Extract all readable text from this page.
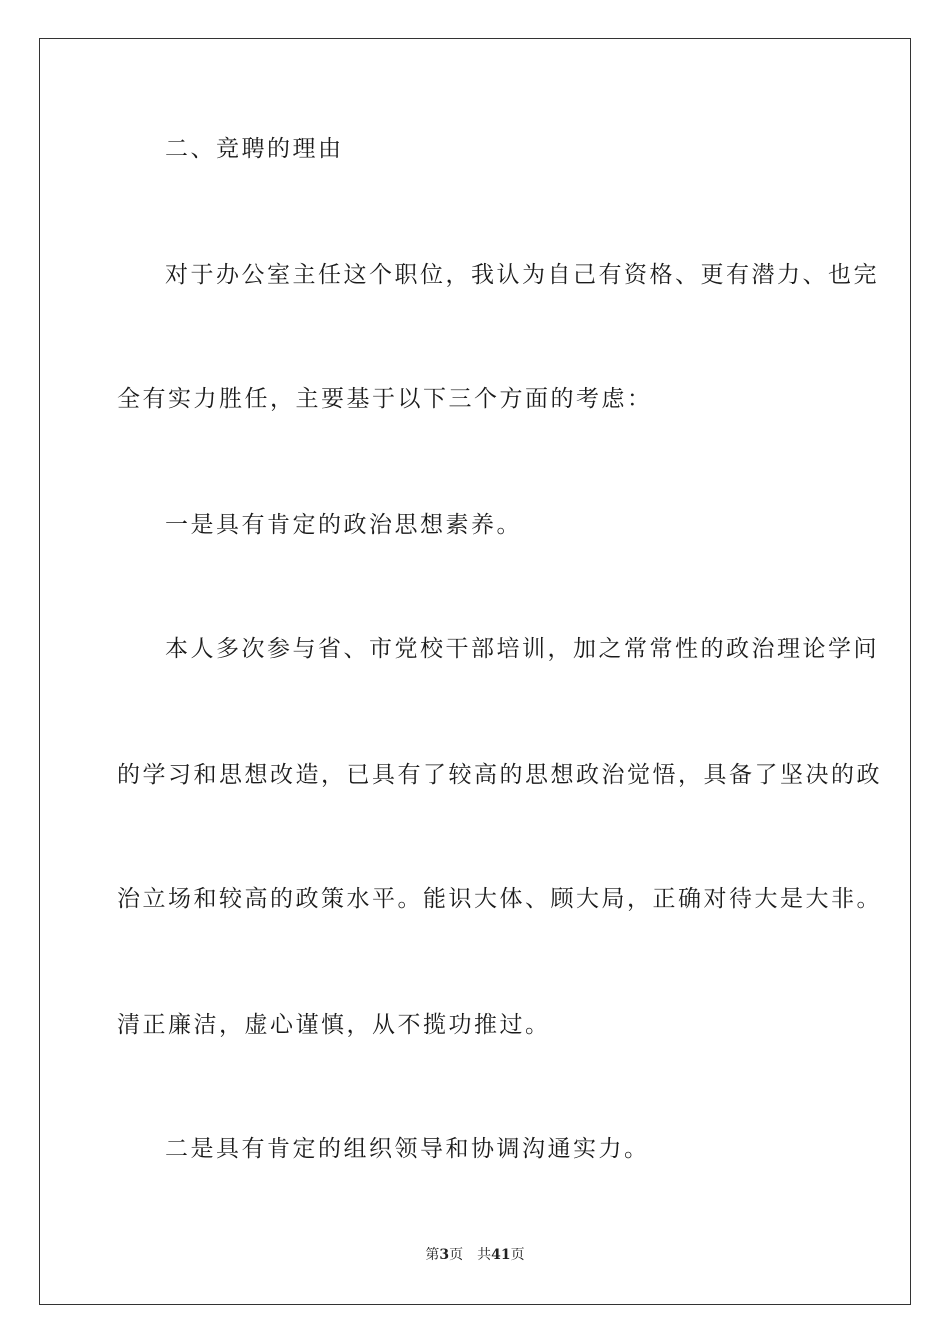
二、竞聘的理由
对于办公室主任这个职位，我认为自己有资格、更有潜力、也完
全有实力胜任，主要基于以下三个方面的考虑：
一是具有肯定的政治思想素养。
本人多次参与省、市党校干部培训，加之常常性的政治理论学问
的学习和思想改造，已具有了较高的思想政治觉悟，具备了坚决的政
治立场和较高的政策水平。能识大体、顾大局，正确对待大是大非。
清正廉洁，虚心谨慎，从不揽功推过。
二是具有肯定的组织领导和协调沟通实力。
第3页 共41页
